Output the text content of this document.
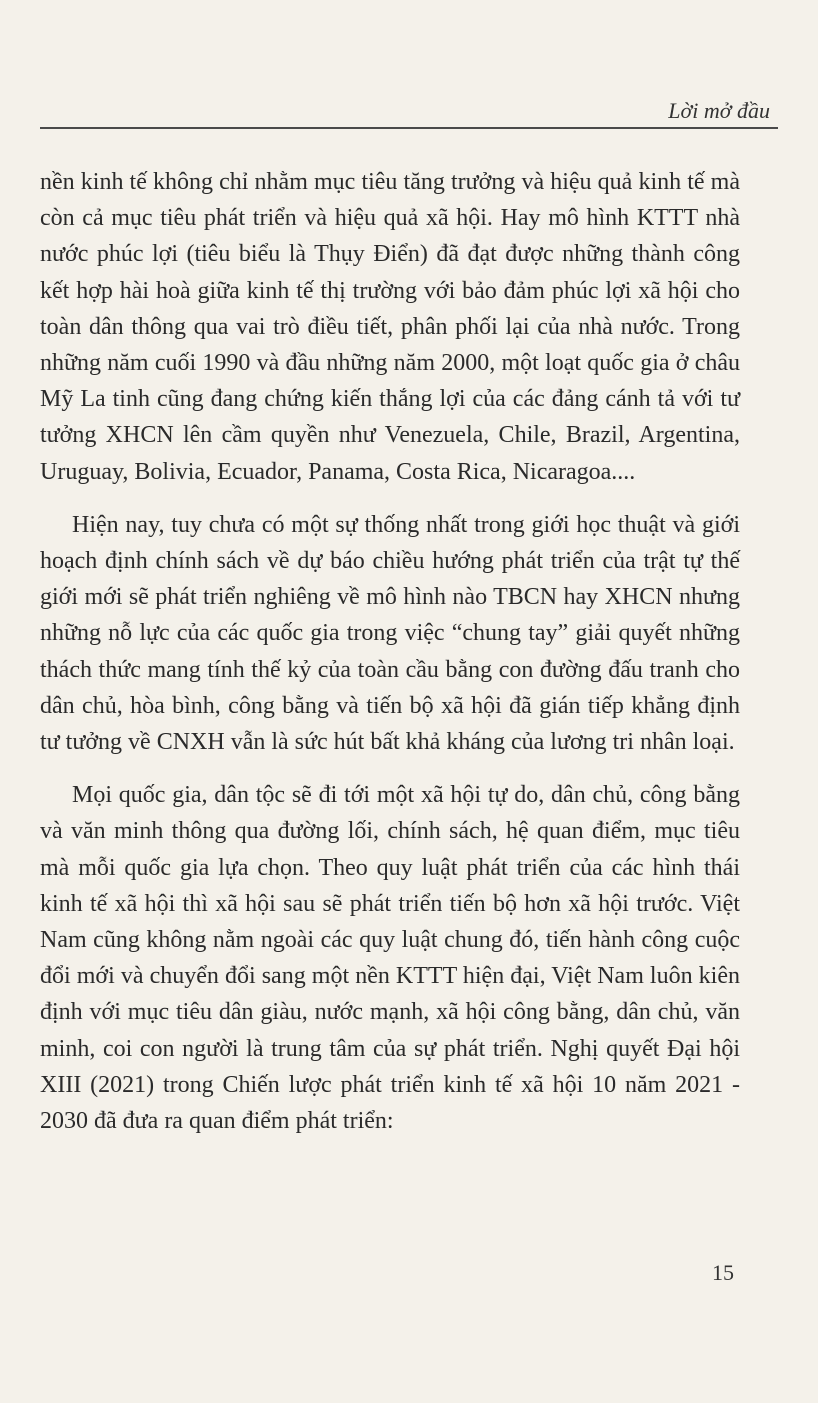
Lời mở đầu

nền kinh tế không chỉ nhằm mục tiêu tăng trưởng và hiệu quả kinh tế mà còn cả mục tiêu phát triển và hiệu quả xã hội. Hay mô hình KTTT nhà nước phúc lợi (tiêu biểu là Thụy Điển) đã đạt được những thành công kết hợp hài hoà giữa kinh tế thị trường với bảo đảm phúc lợi xã hội cho toàn dân thông qua vai trò điều tiết, phân phối lại của nhà nước. Trong những năm cuối 1990 và đầu những năm 2000, một loạt quốc gia ở châu Mỹ La tinh cũng đang chứng kiến thắng lợi của các đảng cánh tả với tư tưởng XHCN lên cầm quyền như Venezuela, Chile, Brazil, Argentina, Uruguay, Bolivia, Ecuador, Panama, Costa Rica, Nicaragoa....

Hiện nay, tuy chưa có một sự thống nhất trong giới học thuật và giới hoạch định chính sách về dự báo chiều hướng phát triển của trật tự thế giới mới sẽ phát triển nghiêng về mô hình nào TBCN hay XHCN nhưng những nỗ lực của các quốc gia trong việc “chung tay” giải quyết những thách thức mang tính thế kỷ của toàn cầu bằng con đường đấu tranh cho dân chủ, hòa bình, công bằng và tiến bộ xã hội đã gián tiếp khẳng định tư tưởng về CNXH vẫn là sức hút bất khả kháng của lương tri nhân loại.

Mọi quốc gia, dân tộc sẽ đi tới một xã hội tự do, dân chủ, công bằng và văn minh thông qua đường lối, chính sách, hệ quan điểm, mục tiêu mà mỗi quốc gia lựa chọn. Theo quy luật phát triển của các hình thái kinh tế xã hội thì xã hội sau sẽ phát triển tiến bộ hơn xã hội trước. Việt Nam cũng không nằm ngoài các quy luật chung đó, tiến hành công cuộc đổi mới và chuyển đổi sang một nền KTTT hiện đại, Việt Nam luôn kiên định với mục tiêu dân giàu, nước mạnh, xã hội công bằng, dân chủ, văn minh, coi con người là trung tâm của sự phát triển. Nghị quyết Đại hội XIII (2021) trong Chiến lược phát triển kinh tế xã hội 10 năm 2021 - 2030 đã đưa ra quan điểm phát triển:

15
